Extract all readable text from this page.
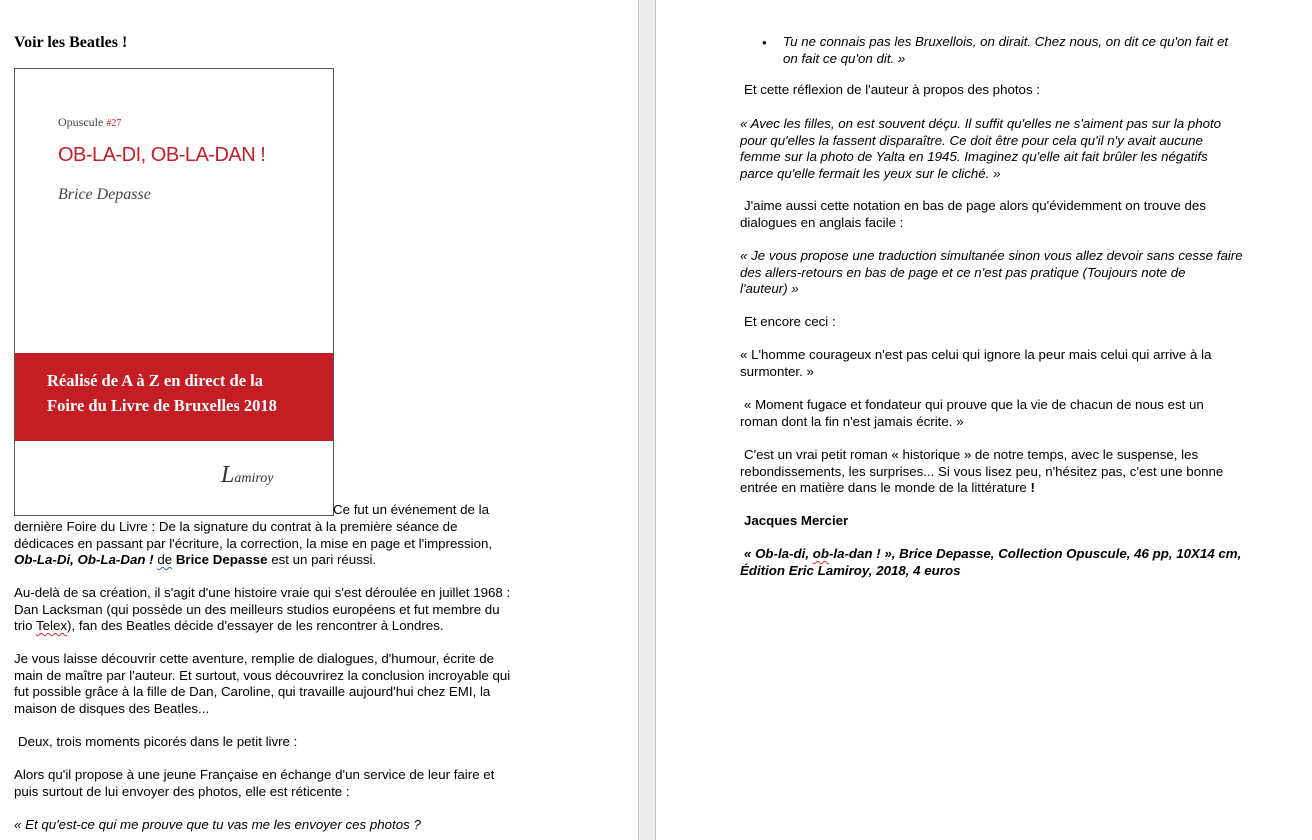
Voir les Beatles !
Opuscule #27
OB-LA-DI, OB-LA-DAN !
Brice Depasse
Réalisé de A à Z en direct de la
Foire du Livre de Bruxelles 2018
Lamiroy
Ce fut un événement de la
dernière Foire du Livre : De la signature du contrat à la première séance de
dédicaces en passant par l'écriture, la correction, la mise en page et l'impression,
Ob-La-Di, Ob-La-Dan ! de Brice Depasse est un pari réussi.
Au-delà de sa création, il s'agit d'une histoire vraie qui s'est déroulée en juillet 1968 :
Dan Lacksman (qui possède un des meilleurs studios européens et fut membre du
trio Telex), fan des Beatles décide d'essayer de les rencontrer à Londres.
Je vous laisse découvrir cette aventure, remplie de dialogues, d'humour, écrite de
main de maître par l'auteur. Et surtout, vous découvrirez la conclusion incroyable qui
fut possible grâce à la fille de Dan, Caroline, qui travaille aujourd'hui chez EMI, la
maison de disques des Beatles...
Deux, trois moments picorés dans le petit livre :
Alors qu'il propose à une jeune Française en échange d'un service de leur faire et
puis surtout de lui envoyer des photos, elle est réticente :
« Et qu'est-ce qui me prouve que tu vas me les envoyer ces photos ?
• Tu ne connais pas les Bruxellois, on dirait. Chez nous, on dit ce qu'on fait et
on fait ce qu'on dit. »
Et cette réflexion de l'auteur à propos des photos :
« Avec les filles, on est souvent déçu. Il suffit qu'elles ne s'aiment pas sur la photo
pour qu'elles la fassent disparaître. Ce doit être pour cela qu'il n'y avait aucune
femme sur la photo de Yalta en 1945. Imaginez qu'elle ait fait brûler les négatifs
parce qu'elle fermait les yeux sur le cliché. »
J'aime aussi cette notation en bas de page alors qu'évidemment on trouve des
dialogues en anglais facile :
« Je vous propose une traduction simultanée sinon vous allez devoir sans cesse faire
des allers-retours en bas de page et ce n'est pas pratique (Toujours note de
l'auteur) »
Et encore ceci :
« L'homme courageux n'est pas celui qui ignore la peur mais celui qui arrive à la
surmonter. »
« Moment fugace et fondateur qui prouve que la vie de chacun de nous est un
roman dont la fin n'est jamais écrite. »
C'est un vrai petit roman « historique » de notre temps, avec le suspense, les
rebondissements, les surprises... Si vous lisez peu, n'hésitez pas, c'est une bonne
entrée en matière dans le monde de la littérature !
Jacques Mercier
« Ob-la-di, ob-la-dan ! », Brice Depasse, Collection Opuscule, 46 pp, 10X14 cm,
Édition Eric Lamiroy, 2018, 4 euros
